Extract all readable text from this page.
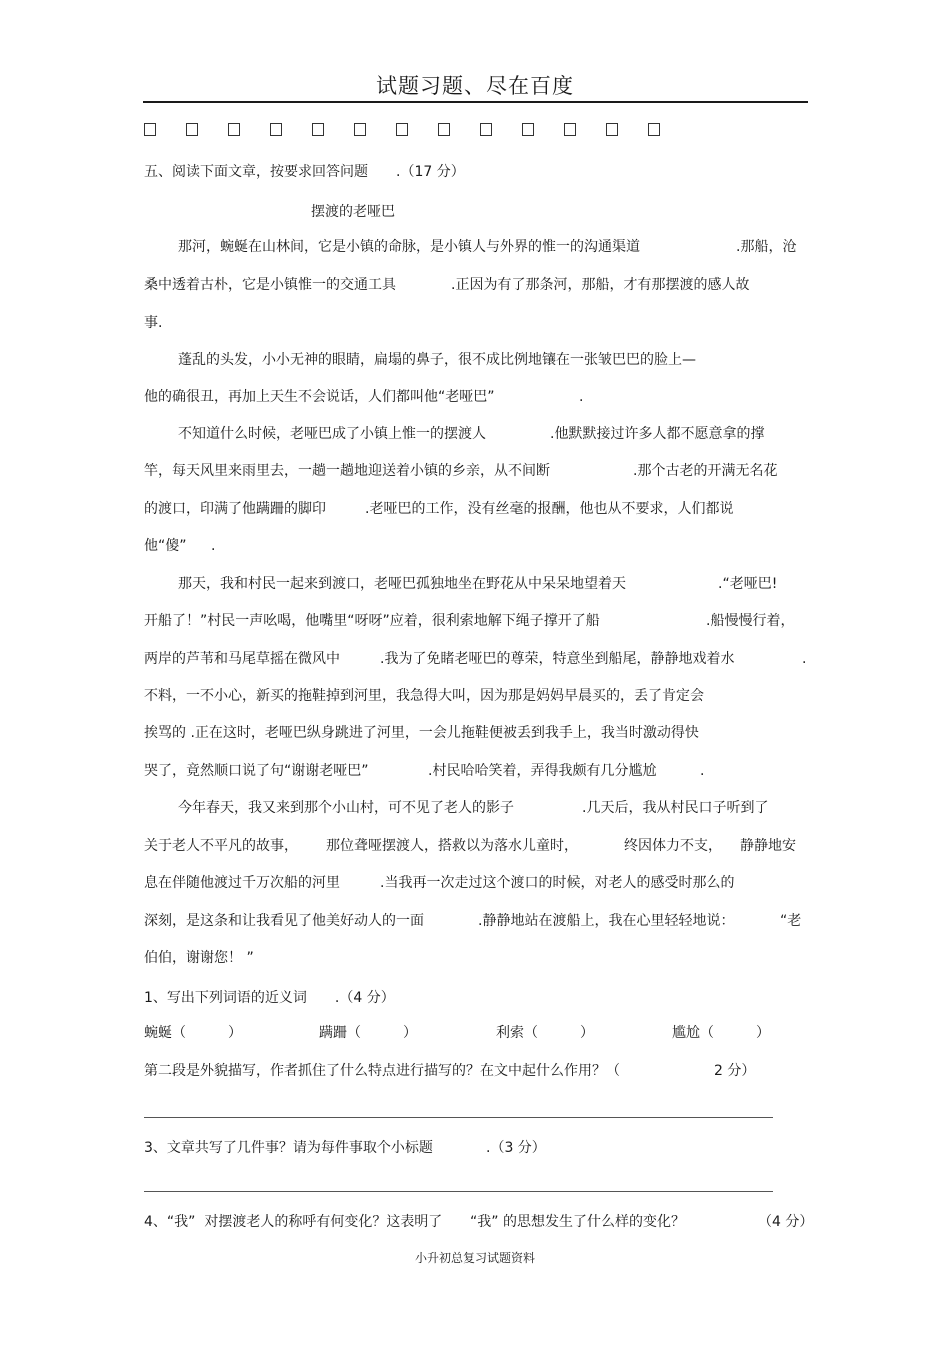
试题习题、尽在百度
五、阅读下面文章，按要求回答问题　　.（17 分）
摆渡的老哑巴
那河，蜿蜒在山林间，它是小镇的命脉，是小镇人与外界的惟一的沟通渠道	.那船，沧
桑中透着古朴，它是小镇惟一的交通工具	.正因为有了那条河，那船，才有那摆渡的感人故
事.
蓬乱的头发，小小无神的眼睛，扁塌的鼻子，很不成比例地镶在一张皱巴巴的脸上—
他的确很丑，再加上天生不会说话，人们都叫他“老哑巴”	.
不知道什么时候，老哑巴成了小镇上惟一的摆渡人	.他默默接过许多人都不愿意拿的撑
竿，每天风里来雨里去，一趟一趟地迎送着小镇的乡亲，从不间断	.那个古老的开满无名花
的渡口，印满了他蹒跚的脚印	.老哑巴的工作，没有丝毫的报酬，他也从不要求，人们都说
他“傻” .
那天，我和村民一起来到渡口，老哑巴孤独地坐在野花从中呆呆地望着天	.“老哑巴!
开船了！”村民一声吆喝，他嘴里“呀呀”应着，很利索地解下绳子撑开了船	.船慢慢行着，
两岸的芦苇和马尾草摇在微风中	.我为了免睹老哑巴的尊荣，特意坐到船尾，静静地戏着水	.
不料，一不小心，新买的拖鞋掉到河里，我急得大叫，因为那是妈妈早晨买的，丢了肯定会
挨骂的 .正在这时，老哑巴纵身跳进了河里，一会儿拖鞋便被丢到我手上，我当时激动得快
哭了，竟然顺口说了句“谢谢老哑巴”	.村民哈哈笑着，弄得我颇有几分尴尬	.
今年春天，我又来到那个小山村，可不见了老人的影子	.几天后，我从村民口子听到了
关于老人不平凡的故事， 那位聋哑摆渡人，搭救以为落水儿童时，	终因体力不支， 静静地安
息在伴随他渡过千万次船的河里	.当我再一次走过这个渡口的时候，对老人的感受时那么的
深刻，是这条和让我看见了他美好动人的一面	.静静地站在渡船上，我在心里轻轻地说：	“老
伯伯，谢谢您！ ”
1、写出下列词语的近义词　　.（4 分）
蜿蜒（　　　）	蹒跚（　　　）	利索（　　　）	尴尬（　　　）
第二段是外貌描写，作者抓住了什么特点进行描写的？在文中起什么作用？（	2 分）
3、文章共写了几件事？请为每件事取个小标题	.（3 分）
4、“我”  对摆渡老人的称呼有何变化？这表明了 “我” 的思想发生了什么样的变化？	（4 分）
小升初总复习试题资料
